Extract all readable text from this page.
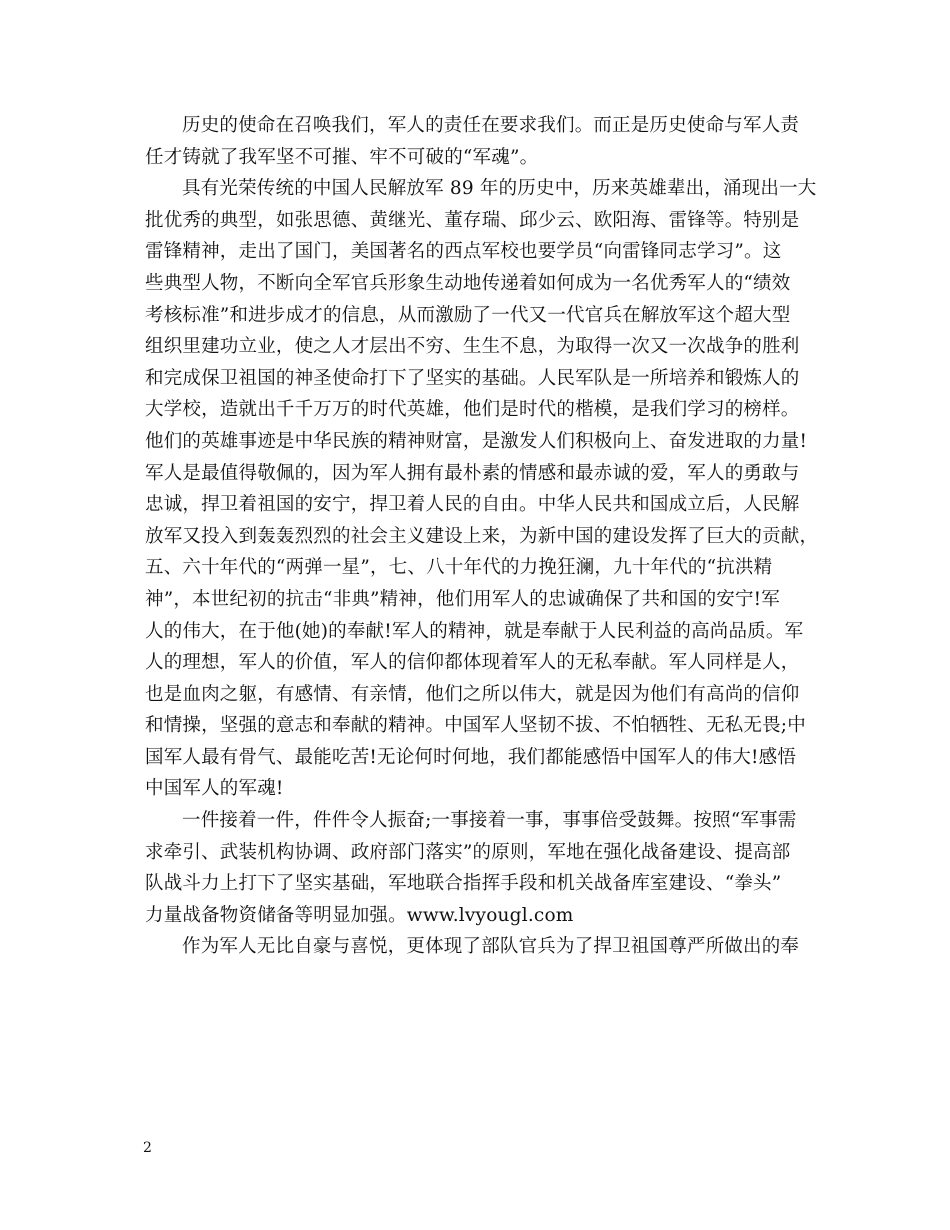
历史的使命在召唤我们，军人的责任在要求我们。而正是历史使命与军人责
任才铸就了我军坚不可摧、牢不可破的“军魂”。

具有光荣传统的中国人民解放军 89 年的历史中，历来英雄辈出，涌现出一大
批优秀的典型，如张思德、黄继光、董存瑞、邱少云、欧阳海、雷锋等。特别是
雷锋精神，走出了国门，美国著名的西点军校也要学员“向雷锋同志学习”。这
些典型人物，不断向全军官兵形象生动地传递着如何成为一名优秀军人的“绩效
考核标准”和进步成才的信息，从而激励了一代又一代官兵在解放军这个超大型
组织里建功立业，使之人才层出不穷、生生不息，为取得一次又一次战争的胜利
和完成保卫祖国的神圣使命打下了坚实的基础。人民军队是一所培养和锻炼人的
大学校，造就出千千万万的时代英雄，他们是时代的楷模，是我们学习的榜样。
他们的英雄事迹是中华民族的精神财富，是激发人们积极向上、奋发进取的力量!
军人是最值得敬佩的，因为军人拥有最朴素的情感和最赤诚的爱，军人的勇敢与
忠诚，捍卫着祖国的安宁，捍卫着人民的自由。中华人民共和国成立后，人民解
放军又投入到轰轰烈烈的社会主义建设上来，为新中国的建设发挥了巨大的贡献，
五、六十年代的“两弹一星”，七、八十年代的力挽狂澜，九十年代的“抗洪精
神”，本世纪初的抗击“非典”精神，他们用军人的忠诚确保了共和国的安宁!军
人的伟大，在于他(她)的奉献!军人的精神，就是奉献于人民利益的高尚品质。军
人的理想，军人的价值，军人的信仰都体现着军人的无私奉献。军人同样是人，
也是血肉之躯，有感情、有亲情，他们之所以伟大，就是因为他们有高尚的信仰
和情操，坚强的意志和奉献的精神。中国军人坚韧不拔、不怕牺牲、无私无畏;中
国军人最有骨气、最能吃苦!无论何时何地，我们都能感悟中国军人的伟大!感悟
中国军人的军魂!

一件接着一件，件件令人振奋;一事接着一事，事事倍受鼓舞。按照“军事需
求牵引、武装机构协调、政府部门落实”的原则，军地在强化战备建设、提高部
队战斗力上打下了坚实基础，军地联合指挥手段和机关战备库室建设、“拳头”
力量战备物资储备等明显加强。www.lvyougl.com

作为军人无比自豪与喜悦，更体现了部队官兵为了捍卫祖国尊严所做出的奉

2
